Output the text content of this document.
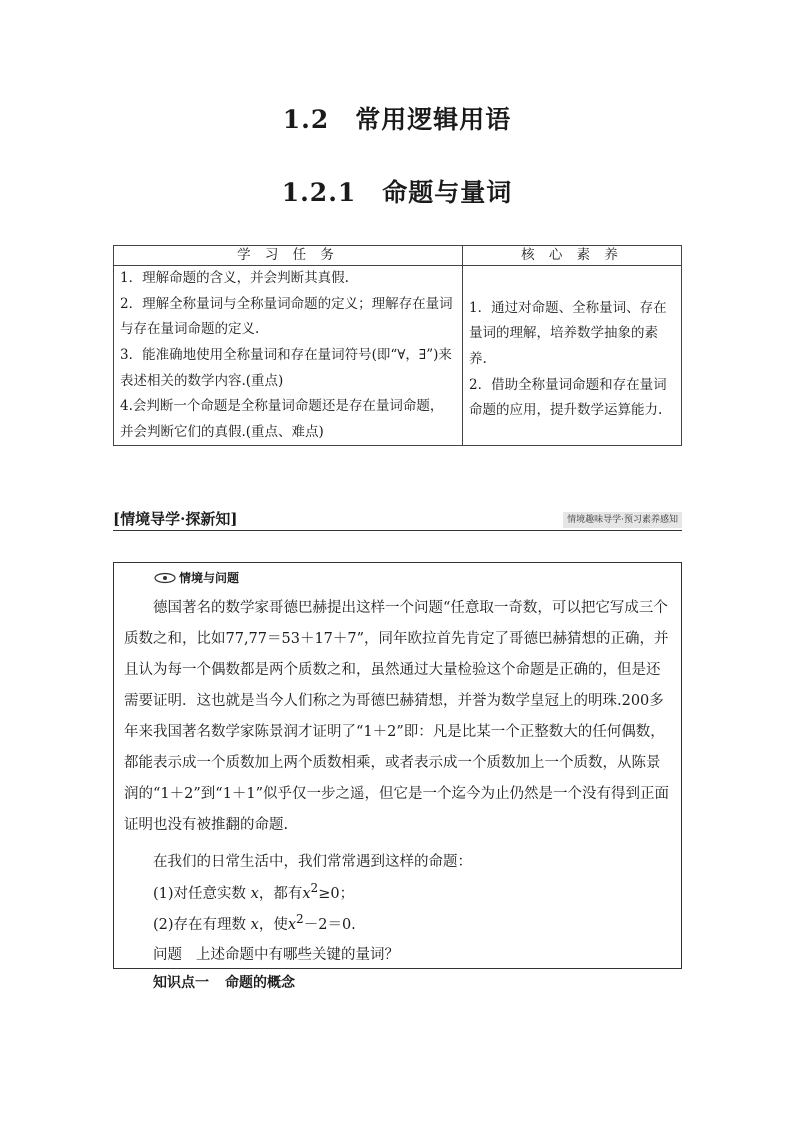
1.2　常用逻辑用语
1.2.1　命题与量词
学 习 任 务	核 心 素 养

1．理解命题的含义，并会判断其真假.
2．理解全称量词与全称量词命题的定义；理解存在量词与存在量词命题的定义.
3．能准确地使用全称量词和存在量词符号(即“∀，∃”)来表述相关的数学内容.(重点)
4.会判断一个命题是全称量词命题还是存在量词命题，并会判断它们的真假.(重点、难点)	1．通过对命题、全称量词、存在量词的理解，培养数学抽象的素养.
2．借助全称量词命题和存在量词命题的应用，提升数学运算能力.
[情境导学·探新知]	情境趣味导学·预习素养感知
情境与问题
德国著名的数学家哥德巴赫提出这样一个问题“任意取一奇数，可以把它写成三个质数之和，比如77,77＝53＋17＋7”，同年欧拉首先肯定了哥德巴赫猜想的正确，并且认为每一个偶数都是两个质数之和，虽然通过大量检验这个命题是正确的，但是还需要证明．这也就是当今人们称之为哥德巴赫猜想，并誉为数学皇冠上的明珠.200多年来我国著名数学家陈景润才证明了“1＋2”即：凡是比某一个正整数大的任何偶数，都能表示成一个质数加上两个质数相乘，或者表示成一个质数加上一个质数，从陈景润的“1＋2”到“1＋1”似乎仅一步之遥，但它是一个迄今为止仍然是一个没有得到正面证明也没有被推翻的命题.
在我们的日常生活中，我们常常遇到这样的命题：
(1)对任意实数 x，都有$x^2\ge 0$；
(2)存在有理数 x，使$x^2-2=0$.
问题 上述命题中有哪些关键的量词？
知识点一 命题的概念
